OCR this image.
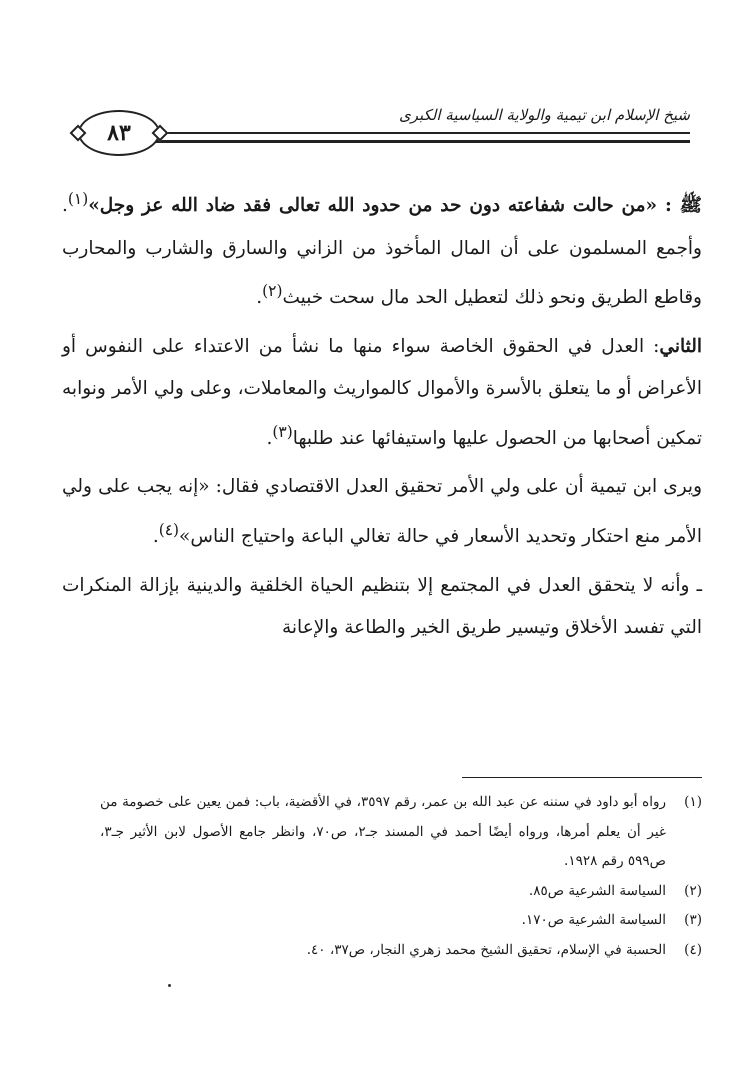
شيخ الإسلام ابن تيمية والولاية السياسية الكبرى
٨٣

ﷺ : «من حالت شفاعته دون حد من حدود الله تعالى فقد ضاد الله عز وجل»$^{(١)}$. وأجمع المسلمون على أن المال المأخوذ من الزاني والسارق والشارب والمحارب وقاطع الطريق ونحو ذلك لتعطيل الحد مال سحت خبيث$^{(٢)}$.

الثاني: العدل في الحقوق الخاصة سواء منها ما نشأ من الاعتداء على النفوس أو الأعراض أو ما يتعلق بالأسرة والأموال كالمواريث والمعاملات، وعلى ولي الأمر ونوابه تمكين أصحابها من الحصول عليها واستيفائها عند طلبها$^{(٣)}$.

ويرى ابن تيمية أن على ولي الأمر تحقيق العدل الاقتصادي فقال: «إنه يجب على ولي الأمر منع احتكار وتحديد الأسعار في حالة تغالي الباعة واحتياج الناس»$^{(٤)}$.

ـ وأنه لا يتحقق العدل في المجتمع إلا بتنظيم الحياة الخلقية والدينية بإزالة المنكرات التي تفسد الأخلاق وتيسير طريق الخير والطاعة والإعانة

(١)
رواه أبو داود في سننه عن عبد الله بن عمر، رقم ٣٥٩٧، في الأقضية، باب: فمن يعين على خصومة من غير أن يعلم أمرها، ورواه أيضًا أحمد في المسند جـ٢، ص٧٠، وانظر جامع الأصول لابن الأثير جـ٣، ص٥٩٩ رقم ١٩٢٨.
(٢)
السياسة الشرعية ص٨٥.
(٣)
السياسة الشرعية ص١٧٠.
(٤)
الحسبة في الإسلام، تحقيق الشيخ محمد زهري النجار، ص٣٧، ٤٠.
